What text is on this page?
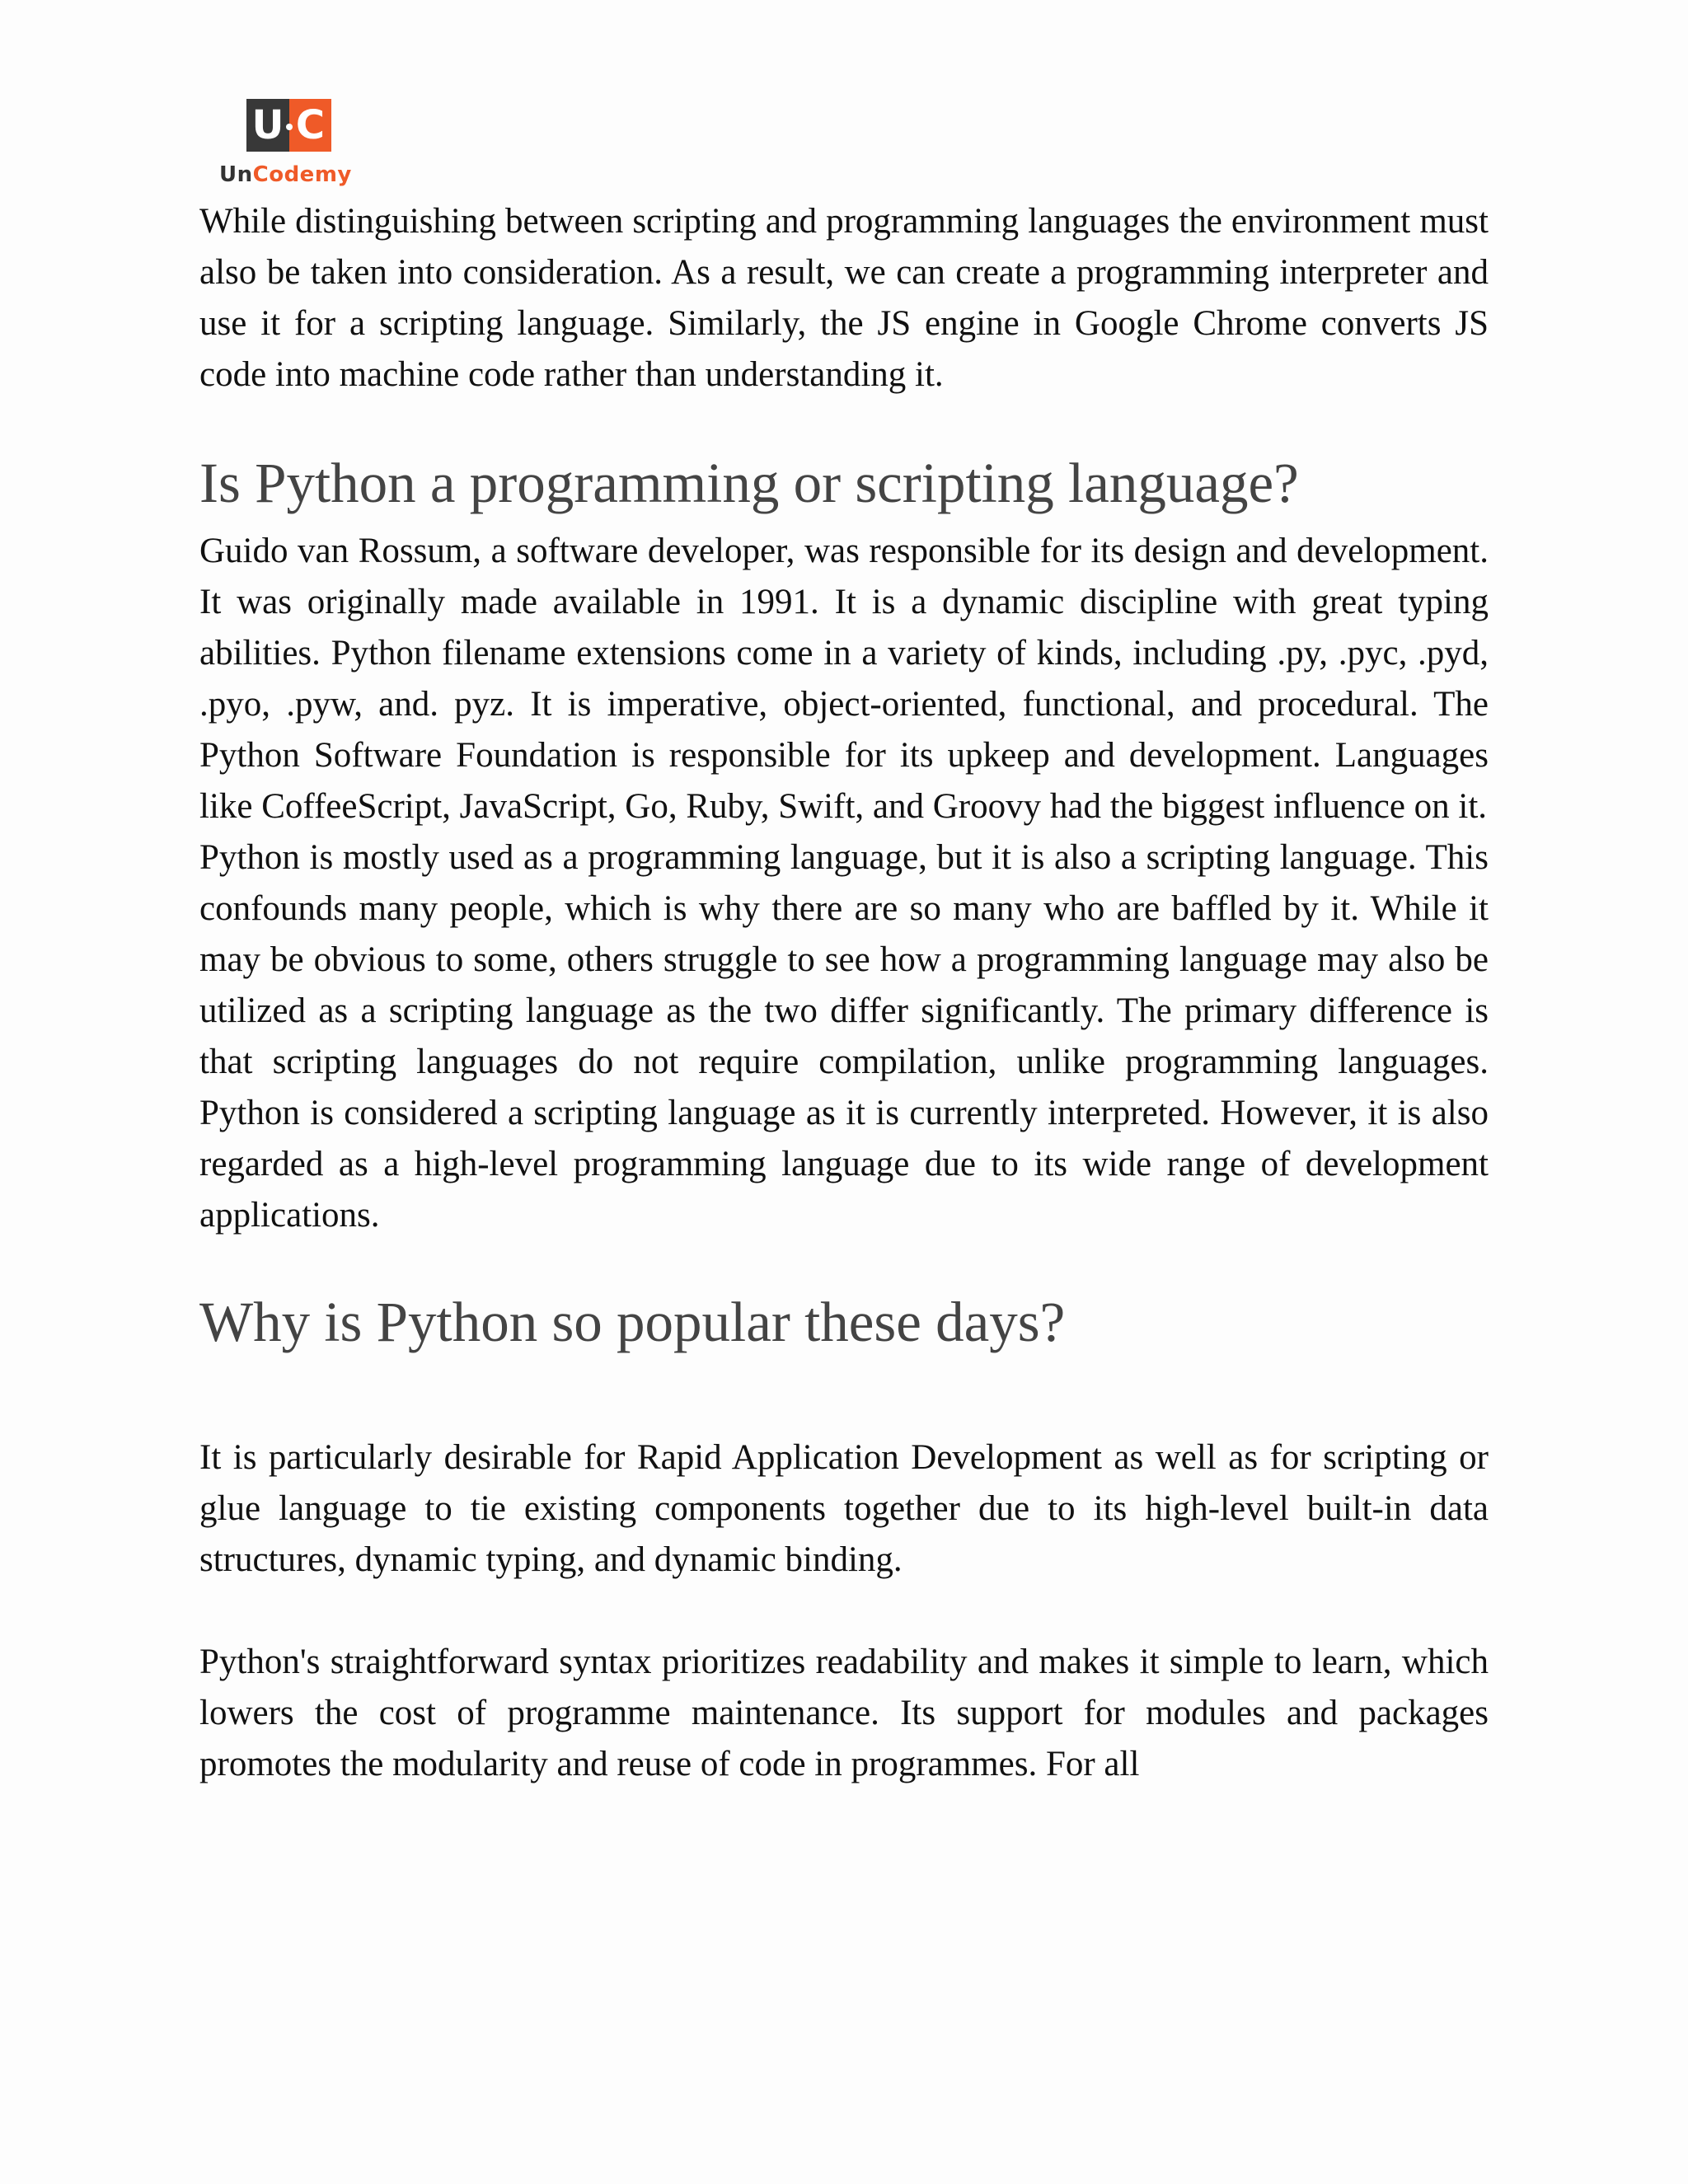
U C
UnCodemy

While distinguishing between scripting and programming languages the environment must also be taken into consideration. As a result, we can create a programming interpreter and use it for a scripting language. Similarly, the JS engine in Google Chrome converts JS code into machine code rather than understanding it.

Is Python a programming or scripting language?

Guido van Rossum, a software developer, was responsible for its design and development. It was originally made available in 1991. It is a dynamic discipline with great typing abilities. Python filename extensions come in a variety of kinds, including .py, .pyc, .pyd, .pyo, .pyw, and. pyz. It is imperative, object-oriented, functional, and procedural. The Python Software Foundation is responsible for its upkeep and development. Languages like CoffeeScript, JavaScript, Go, Ruby, Swift, and Groovy had the biggest influence on it.

Python is mostly used as a programming language, but it is also a scripting language. This confounds many people, which is why there are so many who are baffled by it. While it may be obvious to some, others struggle to see how a programming language may also be utilized as a scripting language as the two differ significantly. The primary difference is that scripting languages do not require compilation, unlike programming languages. Python is considered a scripting language as it is currently interpreted. However, it is also regarded as a high-level programming language due to its wide range of development applications.

Why is Python so popular these days?

It is particularly desirable for Rapid Application Development as well as for scripting or glue language to tie existing components together due to its high-level built-in data structures, dynamic typing, and dynamic binding.

Python's straightforward syntax prioritizes readability and makes it simple to learn, which lowers the cost of programme maintenance. Its support for modules and packages promotes the modularity and reuse of code in programmes. For all
